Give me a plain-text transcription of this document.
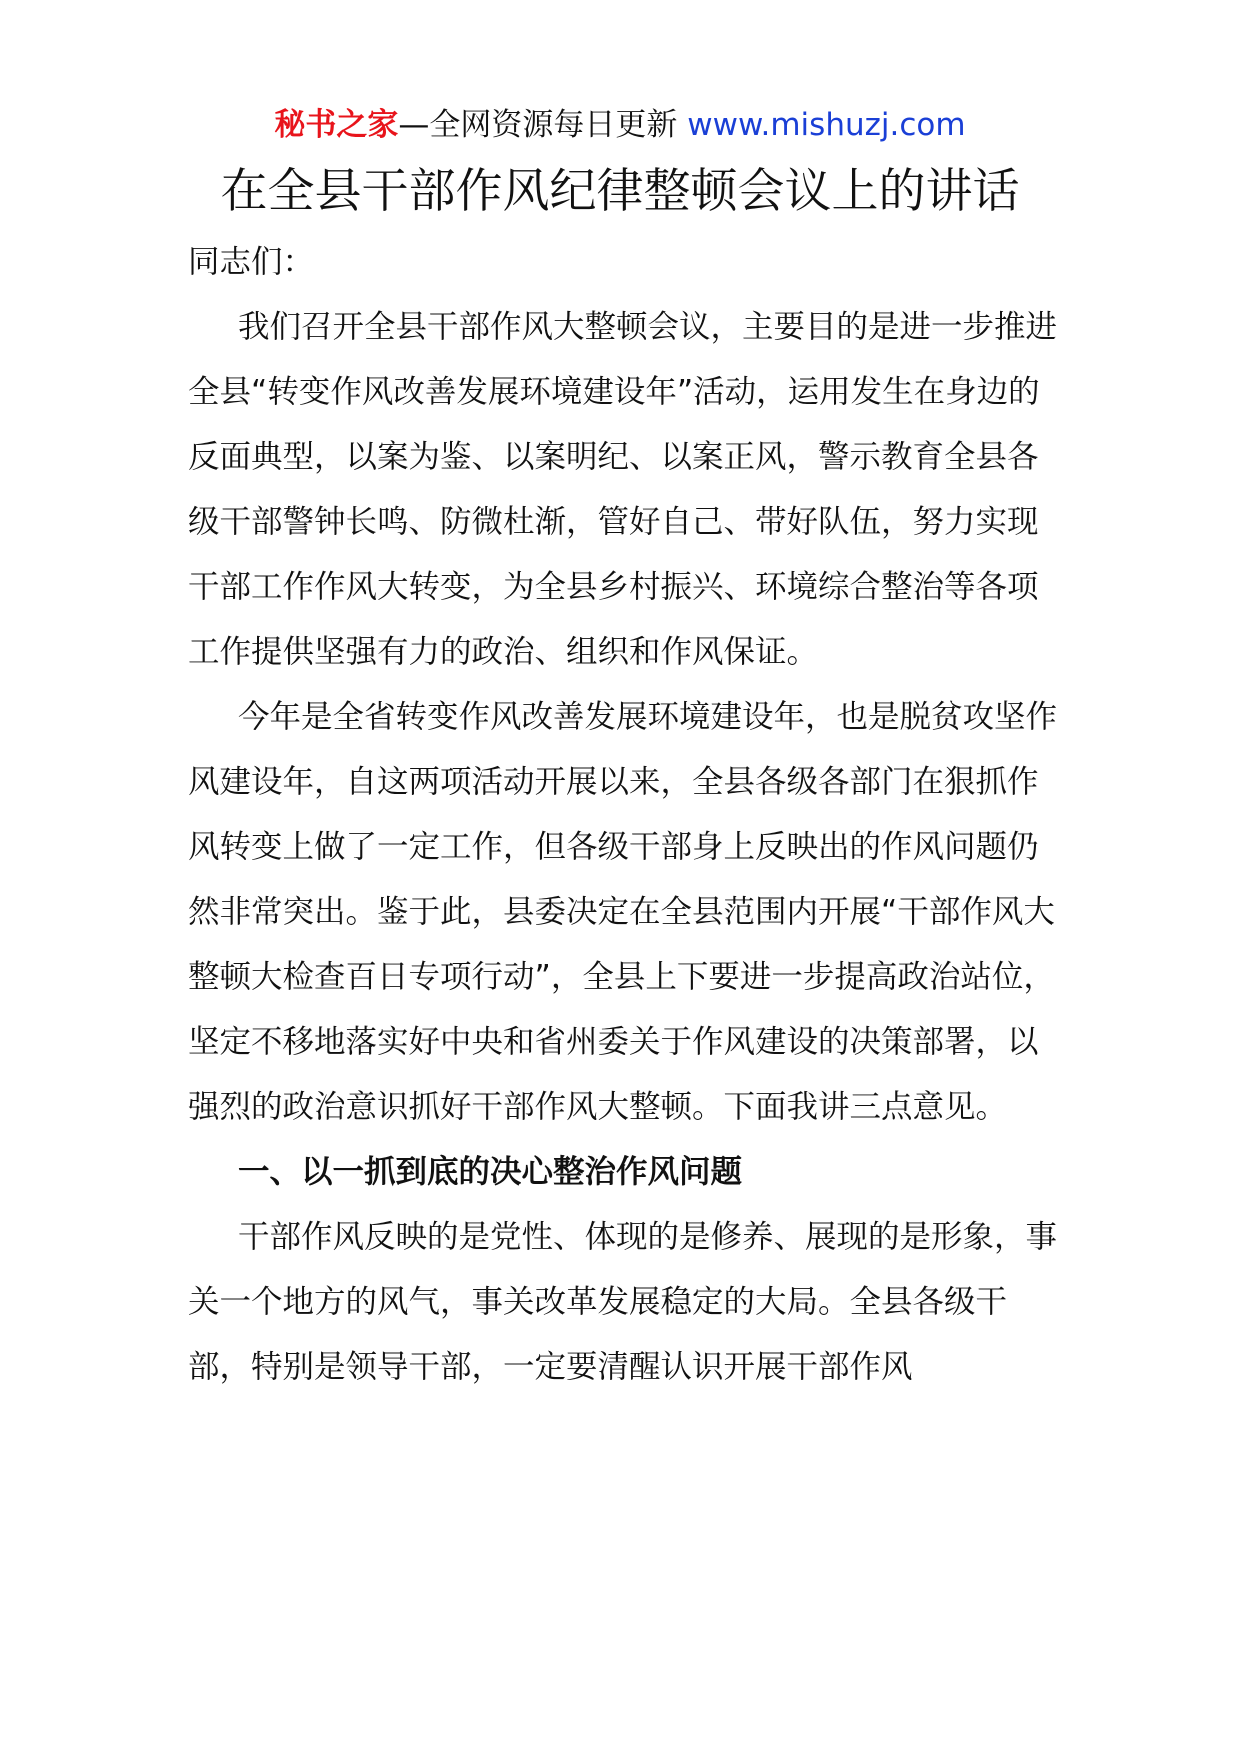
秘书之家—全网资源每日更新 www.mishuzj.com
在全县干部作风纪律整顿会议上的讲话

同志们：

我们召开全县干部作风大整顿会议，主要目的是进一步推进全县“转变作风改善发展环境建设年”活动，运用发生在身边的反面典型，以案为鉴、以案明纪、以案正风，警示教育全县各级干部警钟长鸣、防微杜渐，管好自己、带好队伍，努力实现干部工作作风大转变，为全县乡村振兴、环境综合整治等各项工作提供坚强有力的政治、组织和作风保证。

今年是全省转变作风改善发展环境建设年，也是脱贫攻坚作风建设年，自这两项活动开展以来，全县各级各部门在狠抓作风转变上做了一定工作，但各级干部身上反映出的作风问题仍然非常突出。鉴于此，县委决定在全县范围内开展“干部作风大整顿大检查百日专项行动”，全县上下要进一步提高政治站位，坚定不移地落实好中央和省州委关于作风建设的决策部署，以强烈的政治意识抓好干部作风大整顿。下面我讲三点意见。

一、以一抓到底的决心整治作风问题

干部作风反映的是党性、体现的是修养、展现的是形象，事关一个地方的风气，事关改革发展稳定的大局。全县各级干部，特别是领导干部，一定要清醒认识开展干部作风
